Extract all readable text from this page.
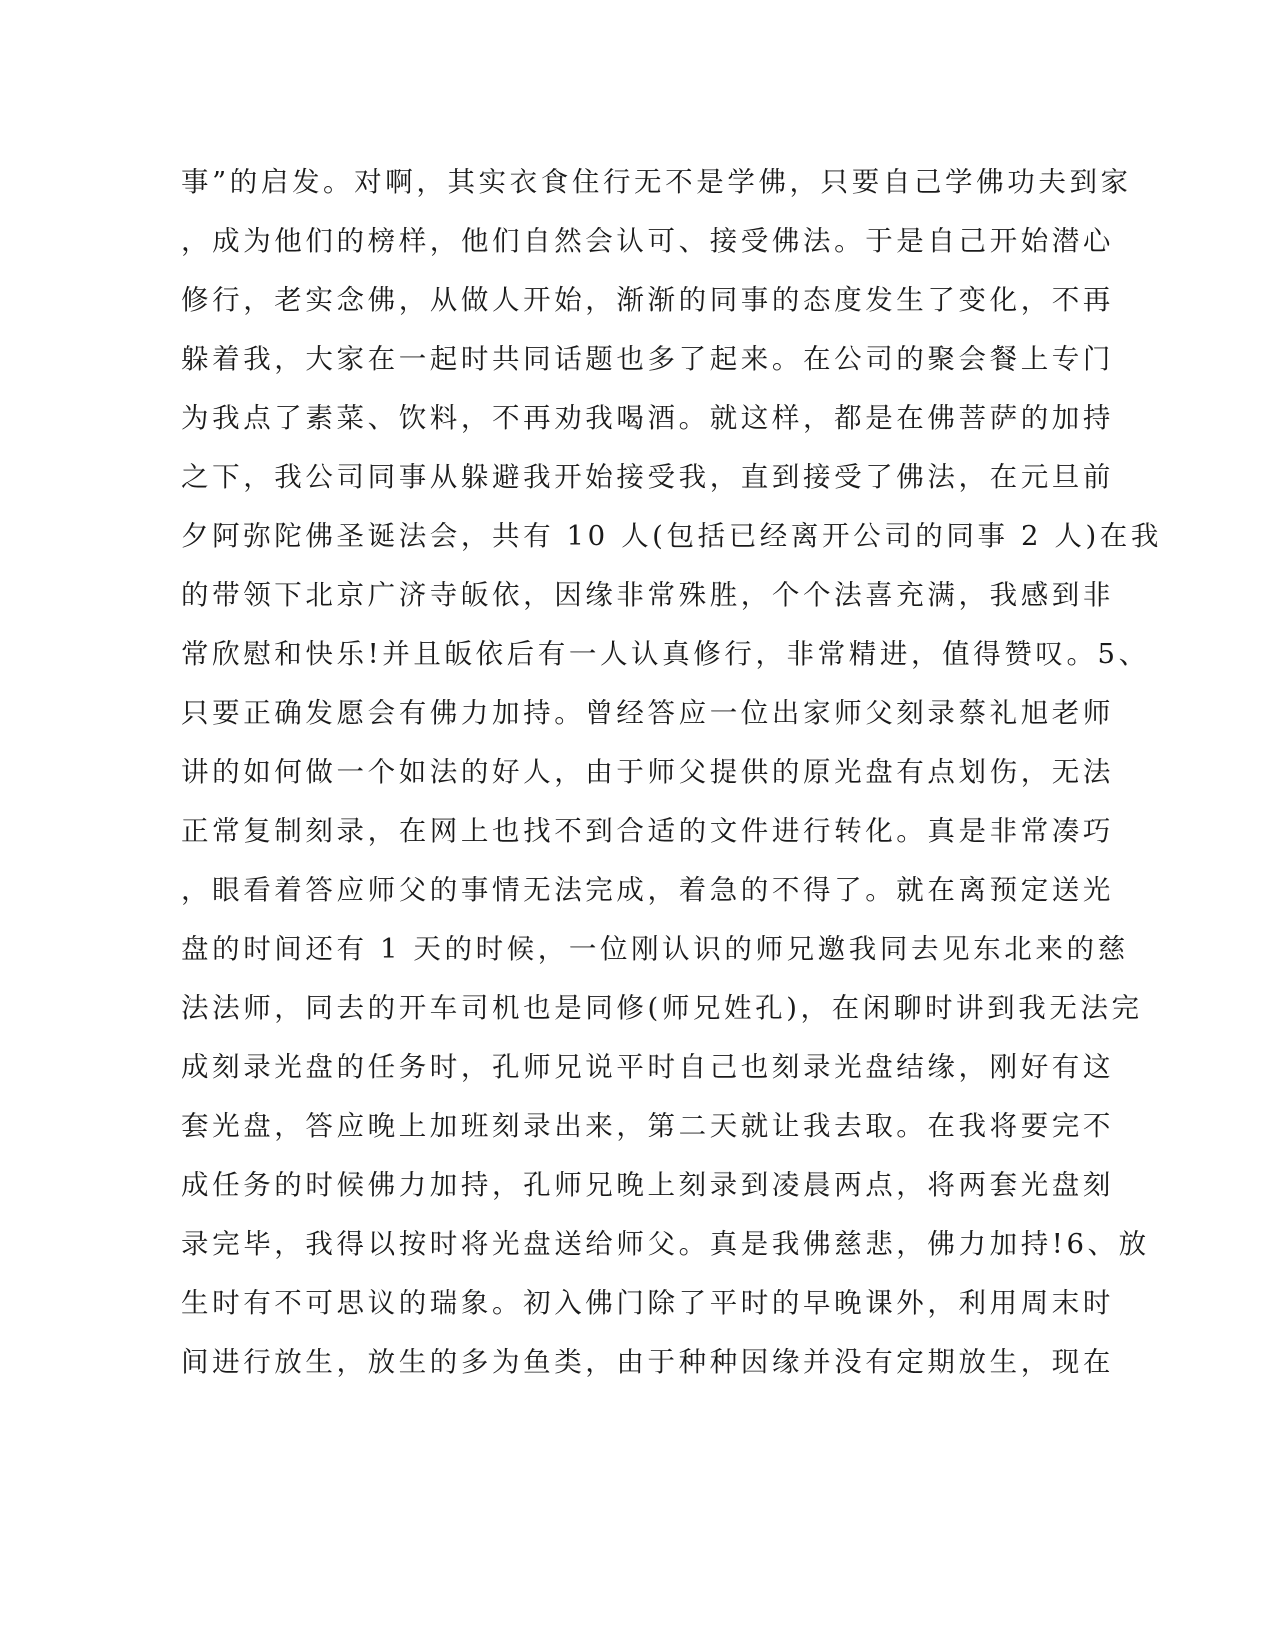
事”的启发。对啊，其实衣食住行无不是学佛，只要自己学佛功夫到家
，成为他们的榜样，他们自然会认可、接受佛法。于是自己开始潜心
修行，老实念佛，从做人开始，渐渐的同事的态度发生了变化，不再
躲着我，大家在一起时共同话题也多了起来。在公司的聚会餐上专门
为我点了素菜、饮料，不再劝我喝酒。就这样，都是在佛菩萨的加持
之下，我公司同事从躲避我开始接受我，直到接受了佛法，在元旦前
夕阿弥陀佛圣诞法会，共有 10 人(包括已经离开公司的同事 2 人)在我
的带领下北京广济寺皈依，因缘非常殊胜，个个法喜充满，我感到非
常欣慰和快乐!并且皈依后有一人认真修行，非常精进，值得赞叹。5、
只要正确发愿会有佛力加持。曾经答应一位出家师父刻录蔡礼旭老师
讲的如何做一个如法的好人，由于师父提供的原光盘有点划伤，无法
正常复制刻录，在网上也找不到合适的文件进行转化。真是非常凑巧
，眼看着答应师父的事情无法完成，着急的不得了。就在离预定送光
盘的时间还有 1 天的时候，一位刚认识的师兄邀我同去见东北来的慈
法法师，同去的开车司机也是同修(师兄姓孔)，在闲聊时讲到我无法完
成刻录光盘的任务时，孔师兄说平时自己也刻录光盘结缘，刚好有这
套光盘，答应晚上加班刻录出来，第二天就让我去取。在我将要完不
成任务的时候佛力加持，孔师兄晚上刻录到凌晨两点，将两套光盘刻
录完毕，我得以按时将光盘送给师父。真是我佛慈悲，佛力加持!6、放
生时有不可思议的瑞象。初入佛门除了平时的早晚课外，利用周末时
间进行放生，放生的多为鱼类，由于种种因缘并没有定期放生，现在
